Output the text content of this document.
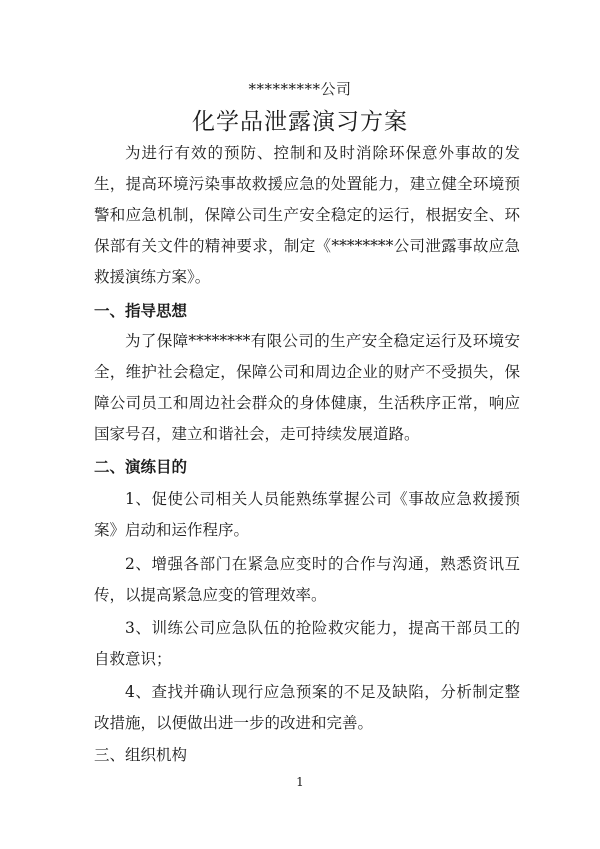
*********公司
化学品泄露演习方案
为进行有效的预防、控制和及时消除环保意外事故的发生，提高环境污染事故救援应急的处置能力，建立健全环境预警和应急机制，保障公司生产安全稳定的运行，根据安全、环保部有关文件的精神要求，制定《********公司泄露事故应急救援演练方案》。
一、指导思想
为了保障********有限公司的生产安全稳定运行及环境安全，维护社会稳定，保障公司和周边企业的财产不受损失，保障公司员工和周边社会群众的身体健康，生活秩序正常，响应国家号召，建立和谐社会，走可持续发展道路。
二、演练目的
1、促使公司相关人员能熟练掌握公司《事故应急救援预案》启动和运作程序。
2、增强各部门在紧急应变时的合作与沟通，熟悉资讯互传，以提高紧急应变的管理效率。
3、训练公司应急队伍的抢险救灾能力，提高干部员工的自救意识；
4、查找并确认现行应急预案的不足及缺陷，分析制定整改措施，以便做出进一步的改进和完善。
三、组织机构
1
